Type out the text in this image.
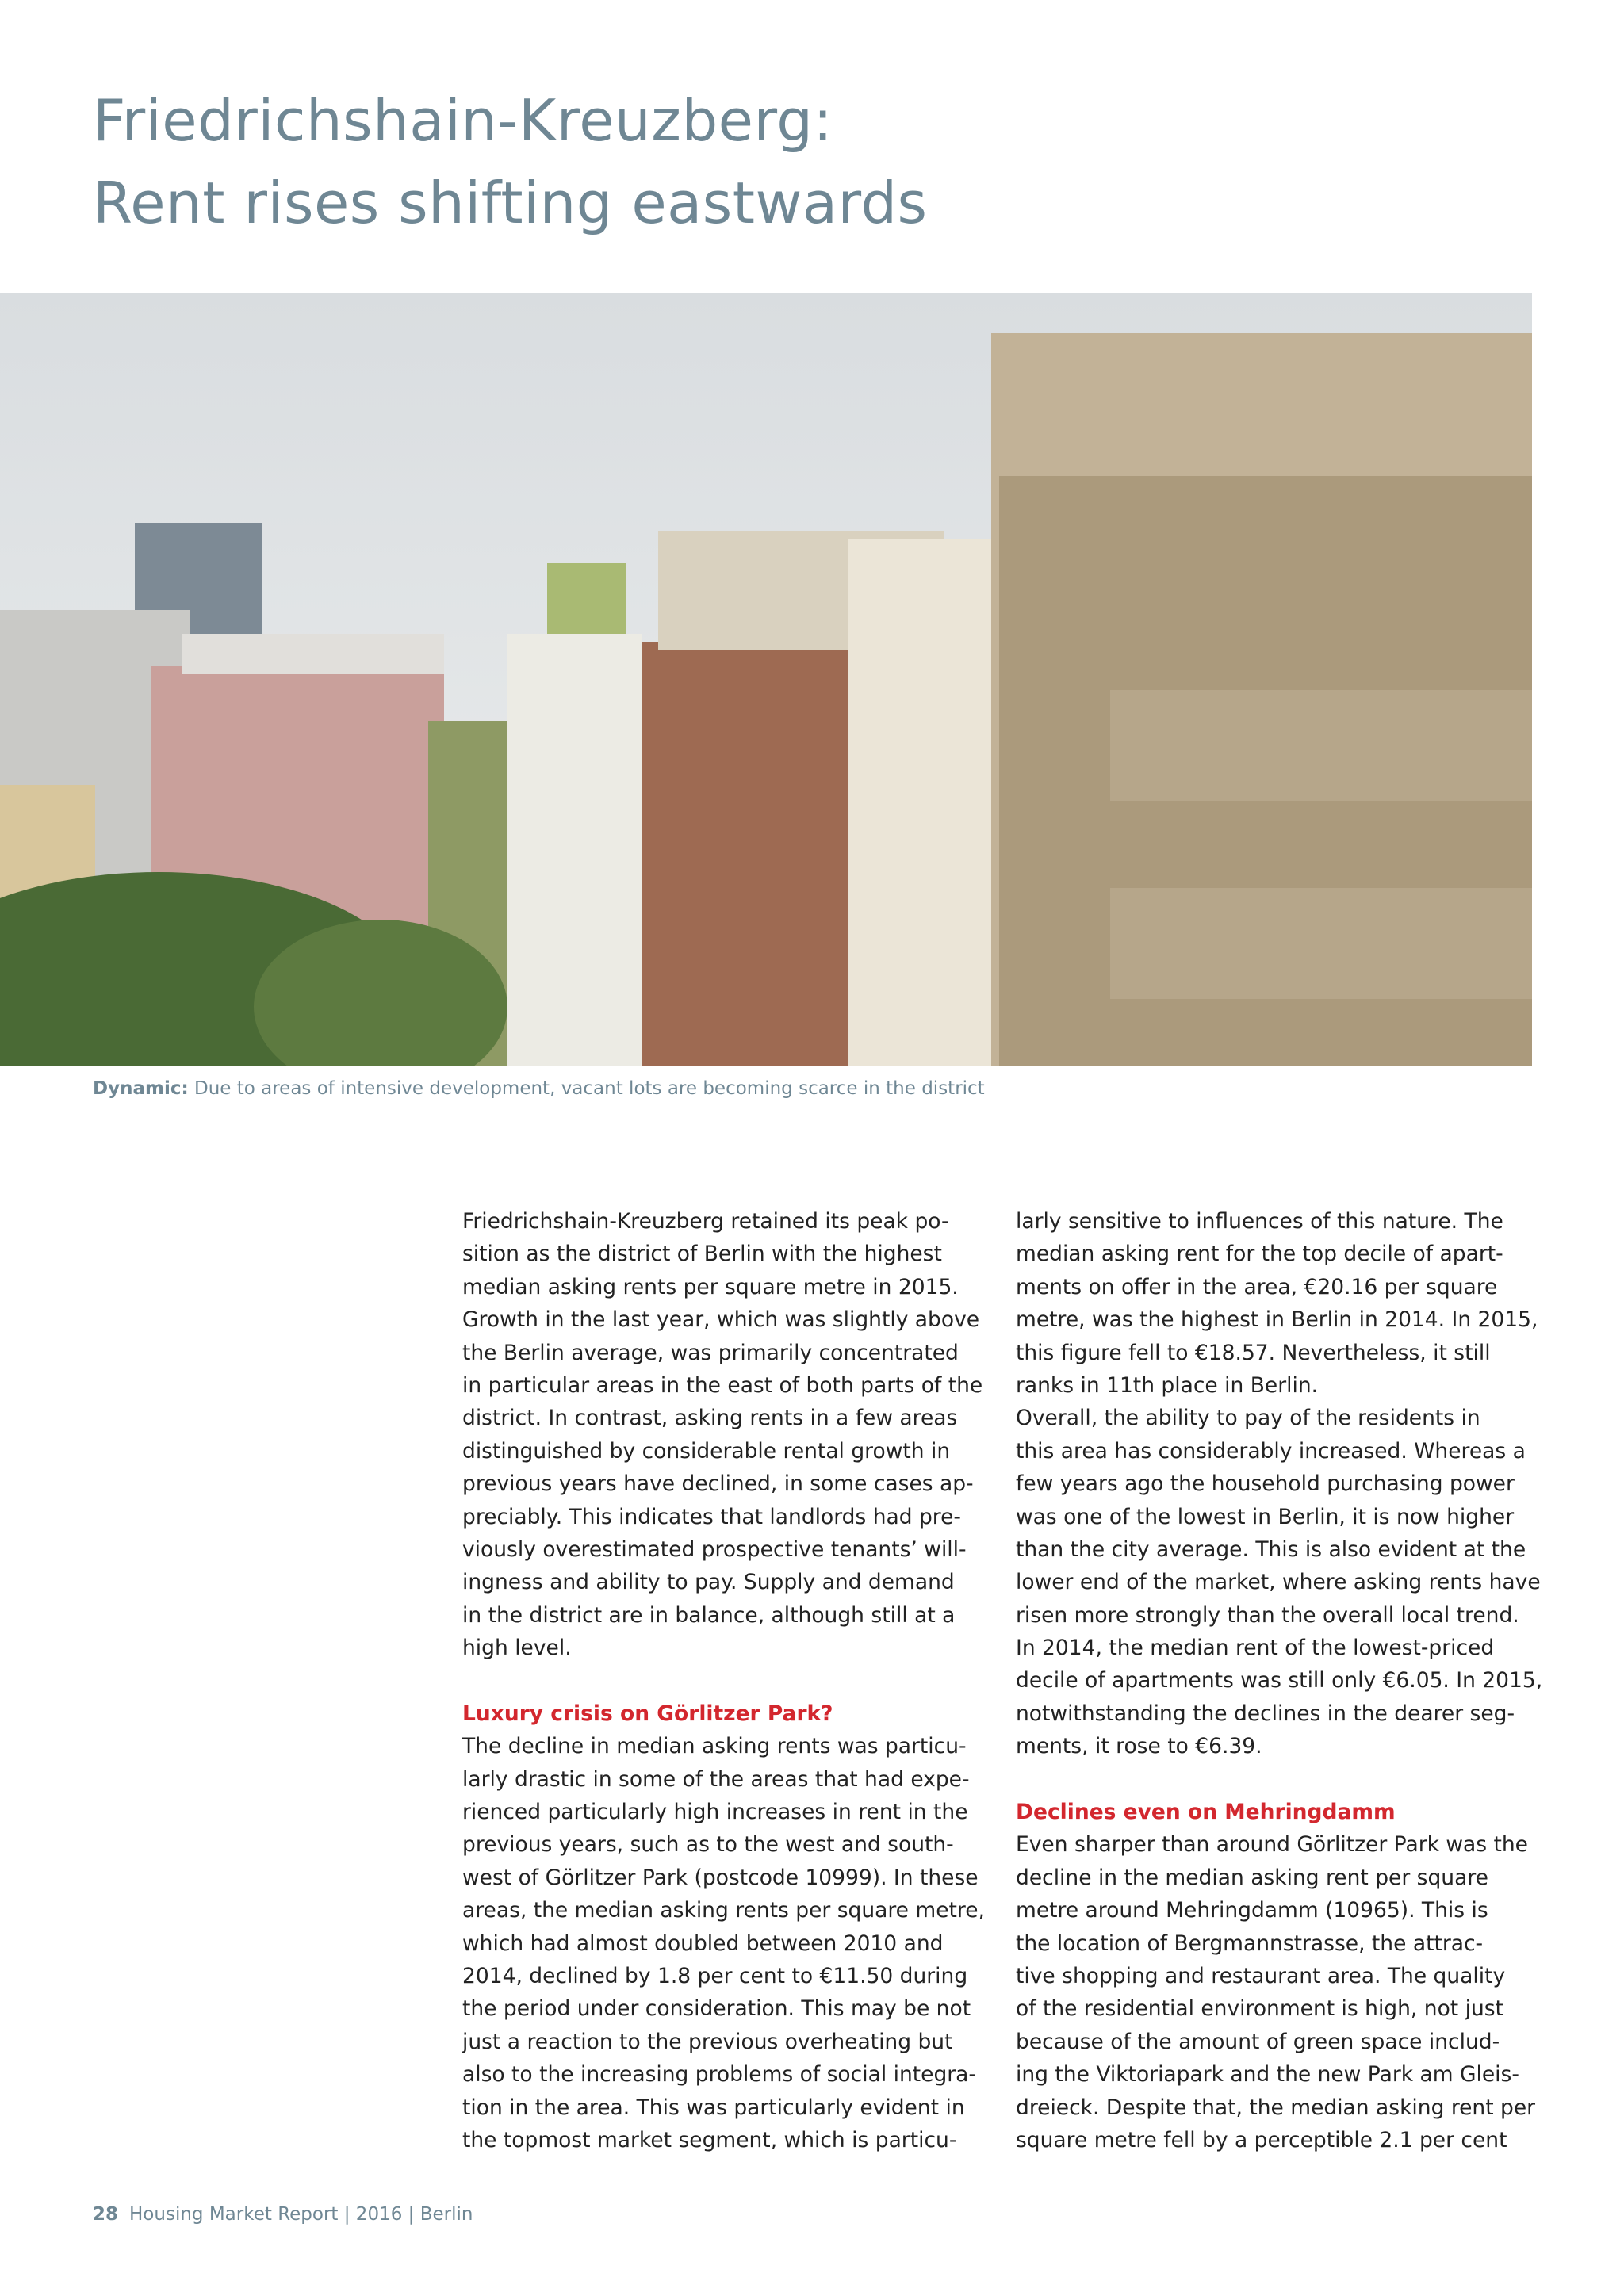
Friedrichshain-Kreuzberg:
Rent rises shifting eastwards
Dynamic: Due to areas of intensive development, vacant lots are becoming scarce in the district
Friedrichshain-Kreuzberg retained its peak po-
sition as the district of Berlin with the highest
median asking rents per square metre in 2015.
Growth in the last year, which was slightly above
the Berlin average, was primarily concentrated
in particular areas in the east of both parts of the
district. In contrast, asking rents in a few areas
distinguished by considerable rental growth in
previous years have declined, in some cases ap-
preciably. This indicates that landlords had pre-
viously overestimated prospective tenants’ will-
ingness and ability to pay. Supply and demand
in the district are in balance, although still at a
high level.
Luxury crisis on Görlitzer Park?
The decline in median asking rents was particu-
larly drastic in some of the areas that had expe-
rienced particularly high increases in rent in the
previous years, such as to the west and south-
west of Görlitzer Park (postcode 10999). In these
areas, the median asking rents per square metre,
which had almost doubled between 2010 and
2014, declined by 1.8 per cent to €11.50 during
the period under consideration. This may be not
just a reaction to the previous overheating but
also to the increasing problems of social integra-
tion in the area. This was particularly evident in
the topmost market segment, which is particu-
larly sensitive to influences of this nature. The
median asking rent for the top decile of apart-
ments on offer in the area, €20.16 per square
metre, was the highest in Berlin in 2014. In 2015,
this figure fell to €18.57. Nevertheless, it still
ranks in 11th place in Berlin.
Overall, the ability to pay of the residents in
this area has considerably increased. Whereas a
few years ago the household purchasing power
was one of the lowest in Berlin, it is now higher
than the city average. This is also evident at the
lower end of the market, where asking rents have
risen more strongly than the overall local trend.
In 2014, the median rent of the lowest-priced
decile of apartments was still only €6.05. In 2015,
notwithstanding the declines in the dearer seg-
ments, it rose to €6.39.
Declines even on Mehringdamm
Even sharper than around Görlitzer Park was the
decline in the median asking rent per square
metre around Mehringdamm (10965). This is
the location of Bergmannstrasse, the attrac-
tive shopping and restaurant area. The quality
of the residential environment is high, not just
because of the amount of green space includ-
ing the Viktoriapark and the new Park am Gleis-
dreieck. Despite that, the median asking rent per
square metre fell by a perceptible 2.1 per cent
28 Housing Market Report | 2016 | Berlin
